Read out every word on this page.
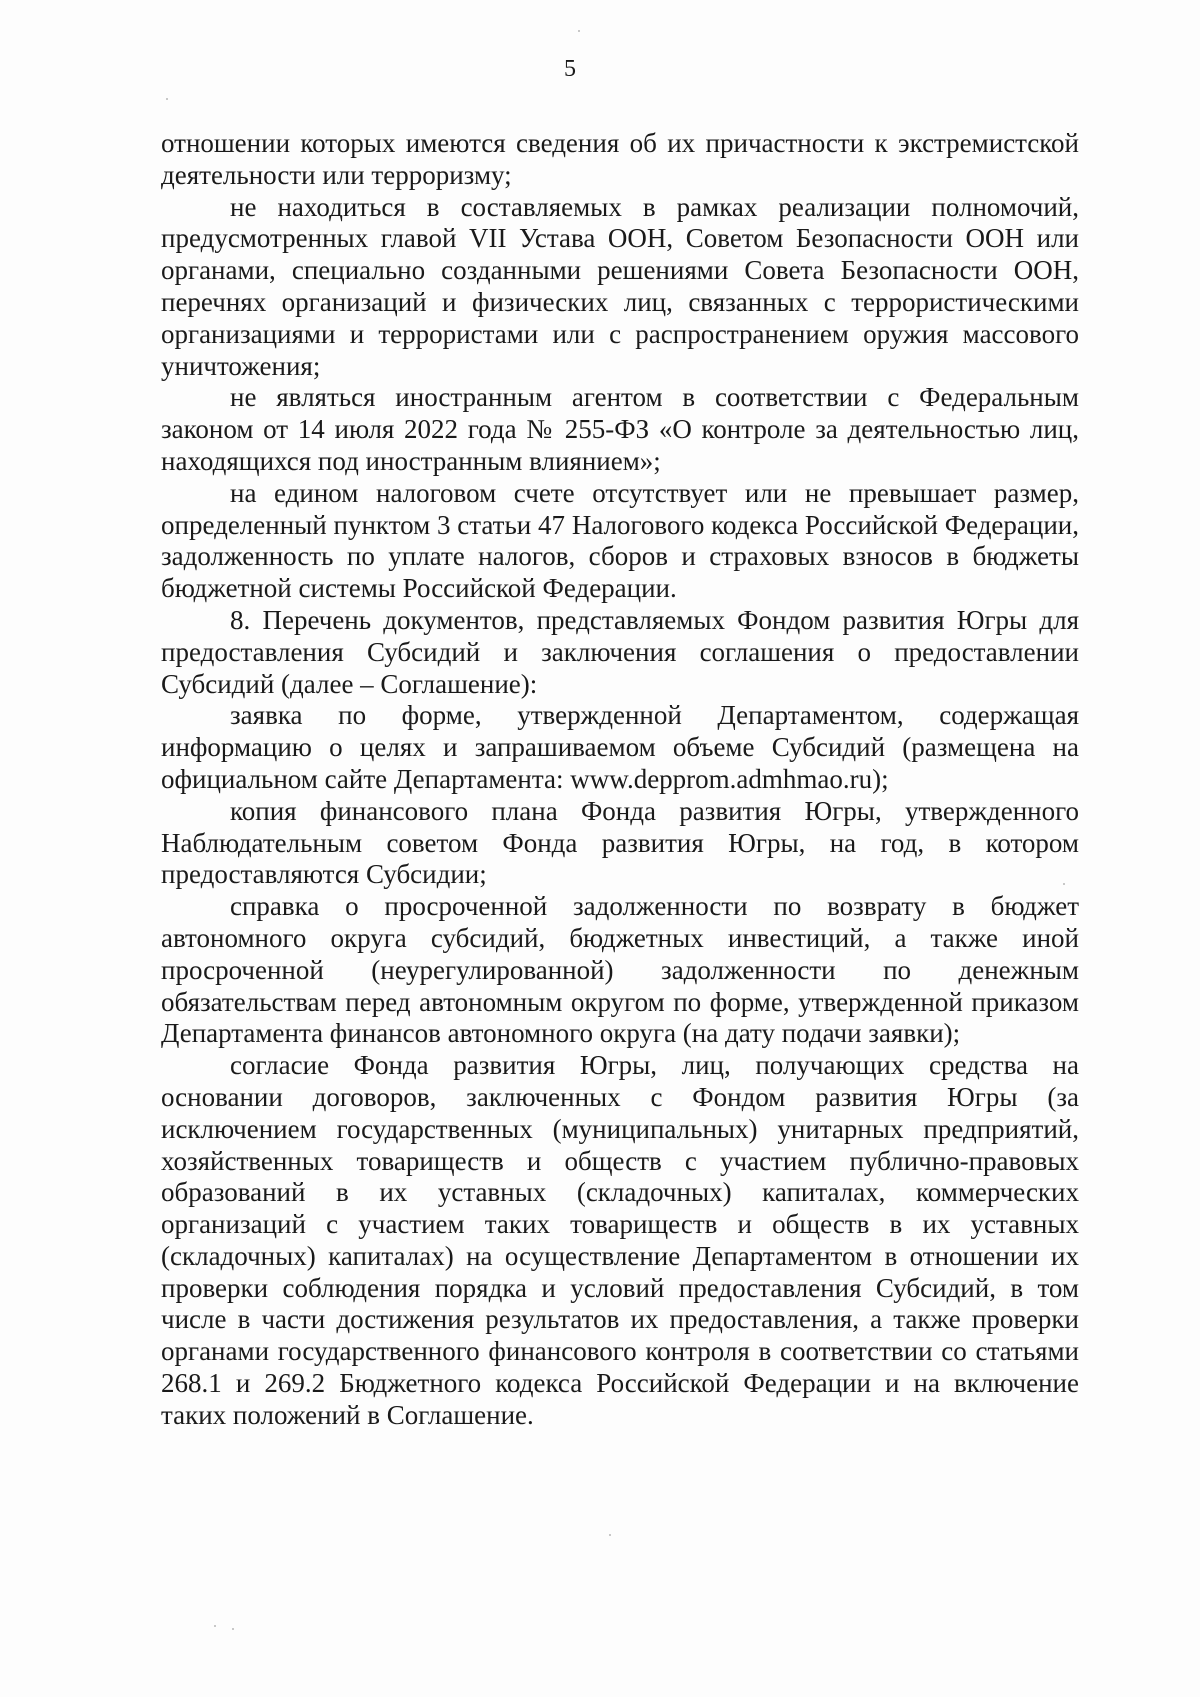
5

отношении которых имеются сведения об их причастности к экстремистской деятельности или терроризму;

не находиться в составляемых в рамках реализации полномочий, предусмотренных главой VII Устава ООН, Советом Безопасности ООН или органами, специально созданными решениями Совета Безопасности ООН, перечнях организаций и физических лиц, связанных с террористическими организациями и террористами или с распространением оружия массового уничтожения;

не являться иностранным агентом в соответствии с Федеральным законом от 14 июля 2022 года № 255-ФЗ «О контроле за деятельностью лиц, находящихся под иностранным влиянием»;

на едином налоговом счете отсутствует или не превышает размер, определенный пунктом 3 статьи 47 Налогового кодекса Российской Федерации, задолженность по уплате налогов, сборов и страховых взносов в бюджеты бюджетной системы Российской Федерации.

8. Перечень документов, представляемых Фондом развития Югры для предоставления Субсидий и заключения соглашения о предоставлении Субсидий (далее – Соглашение):

заявка по форме, утвержденной Департаментом, содержащая информацию о целях и запрашиваемом объеме Субсидий (размещена на официальном сайте Департамента: www.depprom.admhmao.ru);

копия финансового плана Фонда развития Югры, утвержденного Наблюдательным советом Фонда развития Югры, на год, в котором предоставляются Субсидии;

справка о просроченной задолженности по возврату в бюджет автономного округа субсидий, бюджетных инвестиций, а также иной просроченной (неурегулированной) задолженности по денежным обязательствам перед автономным округом по форме, утвержденной приказом Департамента финансов автономного округа (на дату подачи заявки);

согласие Фонда развития Югры, лиц, получающих средства на основании договоров, заключенных с Фондом развития Югры (за исключением государственных (муниципальных) унитарных предприятий, хозяйственных товариществ и обществ с участием публично-правовых образований в их уставных (складочных) капиталах, коммерческих организаций с участием таких товариществ и обществ в их уставных (складочных) капиталах) на осуществление Департаментом в отношении их проверки соблюдения порядка и условий предоставления Субсидий, в том числе в части достижения результатов их предоставления, а также проверки органами государственного финансового контроля в соответствии со статьями 268.1 и 269.2 Бюджетного кодекса Российской Федерации и на включение таких положений в Соглашение.
